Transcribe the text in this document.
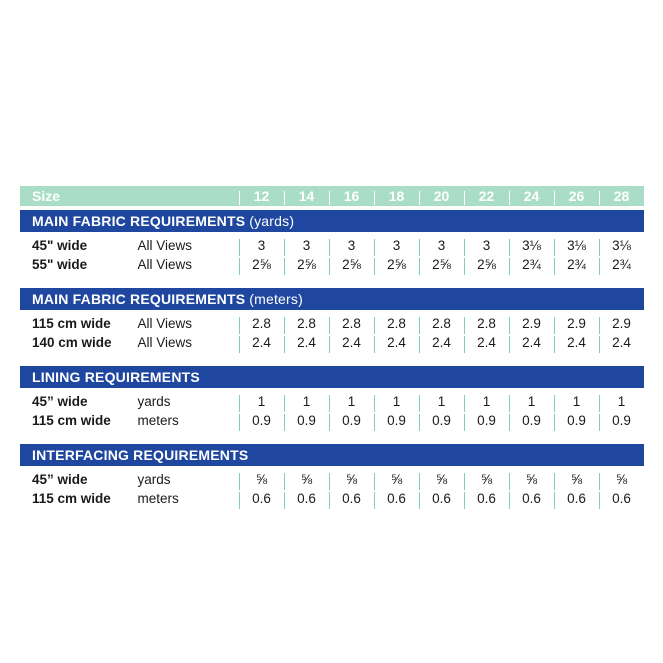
Size	12	14	16	18	20	22	24	26	28
MAIN FABRIC REQUIREMENTS (yards)
45" wide	All Views	3	3	3	3	3	3	3⅛	3⅛	3⅛
55" wide	All Views	2⅝	2⅝	2⅝	2⅝	2⅝	2⅝	2¾	2¾	2¾
MAIN FABRIC REQUIREMENTS (meters)
115 cm wide	All Views	2.8	2.8	2.8	2.8	2.8	2.8	2.9	2.9	2.9
140 cm wide	All Views	2.4	2.4	2.4	2.4	2.4	2.4	2.4	2.4	2.4
LINING REQUIREMENTS
45” wide	yards	1	1	1	1	1	1	1	1	1
115 cm wide	meters	0.9	0.9	0.9	0.9	0.9	0.9	0.9	0.9	0.9
INTERFACING REQUIREMENTS
45” wide	yards	⅝	⅝	⅝	⅝	⅝	⅝	⅝	⅝	⅝
115 cm wide	meters	0.6	0.6	0.6	0.6	0.6	0.6	0.6	0.6	0.6
